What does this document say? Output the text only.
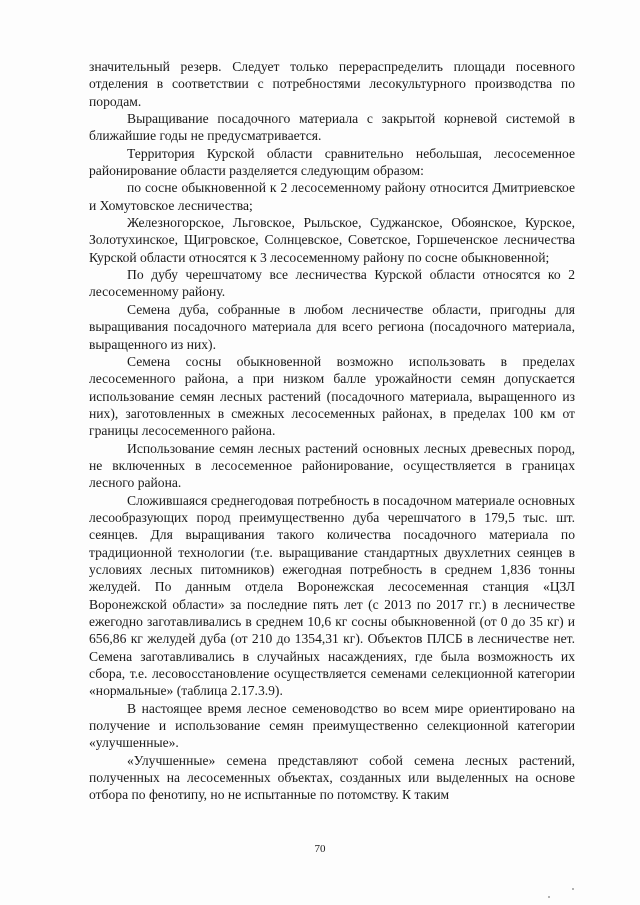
значительный резерв. Следует только перераспределить площади посевного отделения в соответствии с потребностями лесокультурного производства по породам.

Выращивание посадочного материала с закрытой корневой системой в ближайшие годы не предусматривается.

Территория Курской области сравнительно небольшая, лесосеменное районирование области разделяется следующим образом:

по сосне обыкновенной к 2 лесосеменному району относится Дмитриевское и Хомутовское лесничества;

Железногорское, Льговское, Рыльское, Суджанское, Обоянское, Курское, Золотухинское, Щигровское, Солнцевское, Советское, Горшеченское лесничества Курской области относятся к 3 лесосеменному району по сосне обыкновенной;

По дубу черешчатому все лесничества Курской области относятся ко 2 лесосеменному району.

Семена дуба, собранные в любом лесничестве области, пригодны для выращивания посадочного материала для всего региона (посадочного материала, выращенного из них).

Семена сосны обыкновенной возможно использовать в пределах лесосеменного района, а при низком балле урожайности семян допускается использование семян лесных растений (посадочного материала, выращенного из них), заготовленных в смежных лесосеменных районах, в пределах 100 км от границы лесосеменного района.

Использование семян лесных растений основных лесных древесных пород, не включенных в лесосеменное районирование, осуществляется в границах лесного района.

Сложившаяся среднегодовая потребность в посадочном материале основных лесообразующих пород преимущественно дуба черешчатого в 179,5 тыс. шт. сеянцев. Для выращивания такого количества посадочного материала по традиционной технологии (т.е. выращивание стандартных двухлетних сеянцев в условиях лесных питомников) ежегодная потребность в среднем 1,836 тонны желудей. По данным отдела Воронежская лесосеменная станция «ЦЗЛ Воронежской области» за последние пять лет (с 2013 по 2017 гг.) в лесничестве ежегодно заготавливались в среднем 10,6 кг сосны обыкновенной (от 0 до 35 кг) и 656,86 кг желудей дуба (от 210 до 1354,31 кг). Объектов ПЛСБ в лесничестве нет. Семена заготавливались в случайных насаждениях, где была возможность их сбора, т.е. лесовосстановление осуществляется семенами селекционной категории «нормальные» (таблица 2.17.3.9).

В настоящее время лесное семеноводство во всем мире ориентировано на получение и использование семян преимущественно селекционной категории «улучшенные».

«Улучшенные» семена представляют собой семена лесных растений, полученных на лесосеменных объектах, созданных или выделенных на основе отбора по фенотипу, но не испытанные по потомству. К таким

70
